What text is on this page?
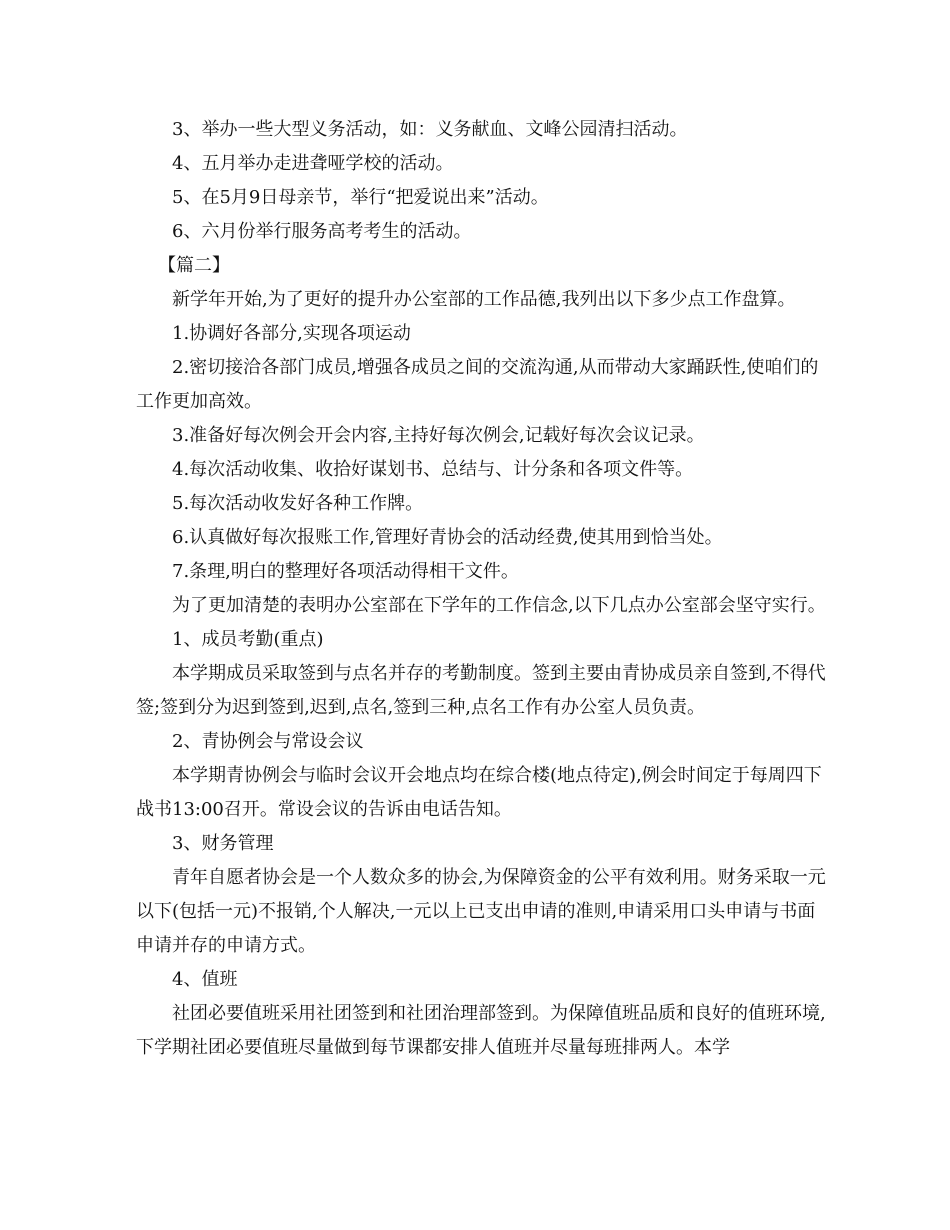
3、举办一些大型义务活动，如：义务献血、文峰公园清扫活动。

4、五月举办走进聋哑学校的活动。

5、在5月9日母亲节，举行“把爱说出来”活动。

6、六月份举行服务高考考生的活动。

【篇二】

新学年开始,为了更好的提升办公室部的工作品德,我列出以下多少点工作盘算。

1.协调好各部分,实现各项运动

2.密切接洽各部门成员,增强各成员之间的交流沟通,从而带动大家踊跃性,使咱们的工作更加高效。

3.准备好每次例会开会内容,主持好每次例会,记载好每次会议记录。

4.每次活动收集、收拾好谋划书、总结与、计分条和各项文件等。

5.每次活动收发好各种工作牌。

6.认真做好每次报账工作,管理好青协会的活动经费,使其用到恰当处。

7.条理,明白的整理好各项活动得相干文件。

为了更加清楚的表明办公室部在下学年的工作信念,以下几点办公室部会坚守实行。

1、成员考勤(重点)

本学期成员采取签到与点名并存的考勤制度。签到主要由青协成员亲自签到,不得代签;签到分为迟到签到,迟到,点名,签到三种,点名工作有办公室人员负责。

2、青协例会与常设会议

本学期青协例会与临时会议开会地点均在综合楼(地点待定),例会时间定于每周四下战书13:00召开。常设会议的告诉由电话告知。

3、财务管理

青年自愿者协会是一个人数众多的协会,为保障资金的公平有效利用。财务采取一元以下(包括一元)不报销,个人解决,一元以上已支出申请的准则,申请采用口头申请与书面申请并存的申请方式。

4、值班

社团必要值班采用社团签到和社团治理部签到。为保障值班品质和良好的值班环境,下学期社团必要值班尽量做到每节课都安排人值班并尽量每班排两人。本学
